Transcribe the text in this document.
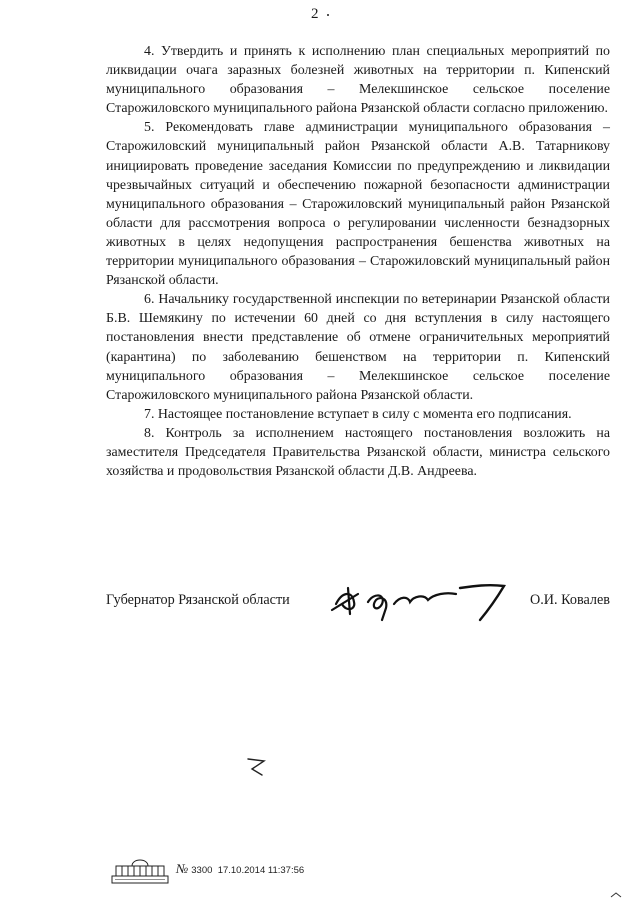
2

4. Утвердить и принять к исполнению план специальных мероприятий по ликвидации очага заразных болезней животных на территории п. Кипенский муниципального образования – Мелекшинское сельское поселение Старожиловского муниципального района Рязанской области согласно приложению.

5. Рекомендовать главе администрации муниципального образования – Старожиловский муниципальный район Рязанской области А.В. Татарникову инициировать проведение заседания Комиссии по предупреждению и ликвидации чрезвычайных ситуаций и обеспечению пожарной безопасности администрации муниципального образования – Старожиловский муниципальный район Рязанской области для рассмотрения вопроса о регулировании численности безнадзорных животных в целях недопущения распространения бешенства животных на территории муниципального образования – Старожиловский муниципальный район Рязанской области.

6. Начальнику государственной инспекции по ветеринарии Рязанской области Б.В. Шемякину по истечении 60 дней со дня вступления в силу настоящего постановления внести представление об отмене ограничительных мероприятий (карантина) по заболеванию бешенством на территории п. Кипенский муниципального образования – Мелекшинское сельское поселение Старожиловского муниципального района Рязанской области.

7. Настоящее постановление вступает в силу с момента его подписания.

8. Контроль за исполнением настоящего постановления возложить на заместителя Председателя Правительства Рязанской области, министра сельского хозяйства и продовольствия Рязанской области Д.В. Андреева.

Губернатор Рязанской области	О.И. Ковалев
№ 3300 17.10.2014 11:37:56
